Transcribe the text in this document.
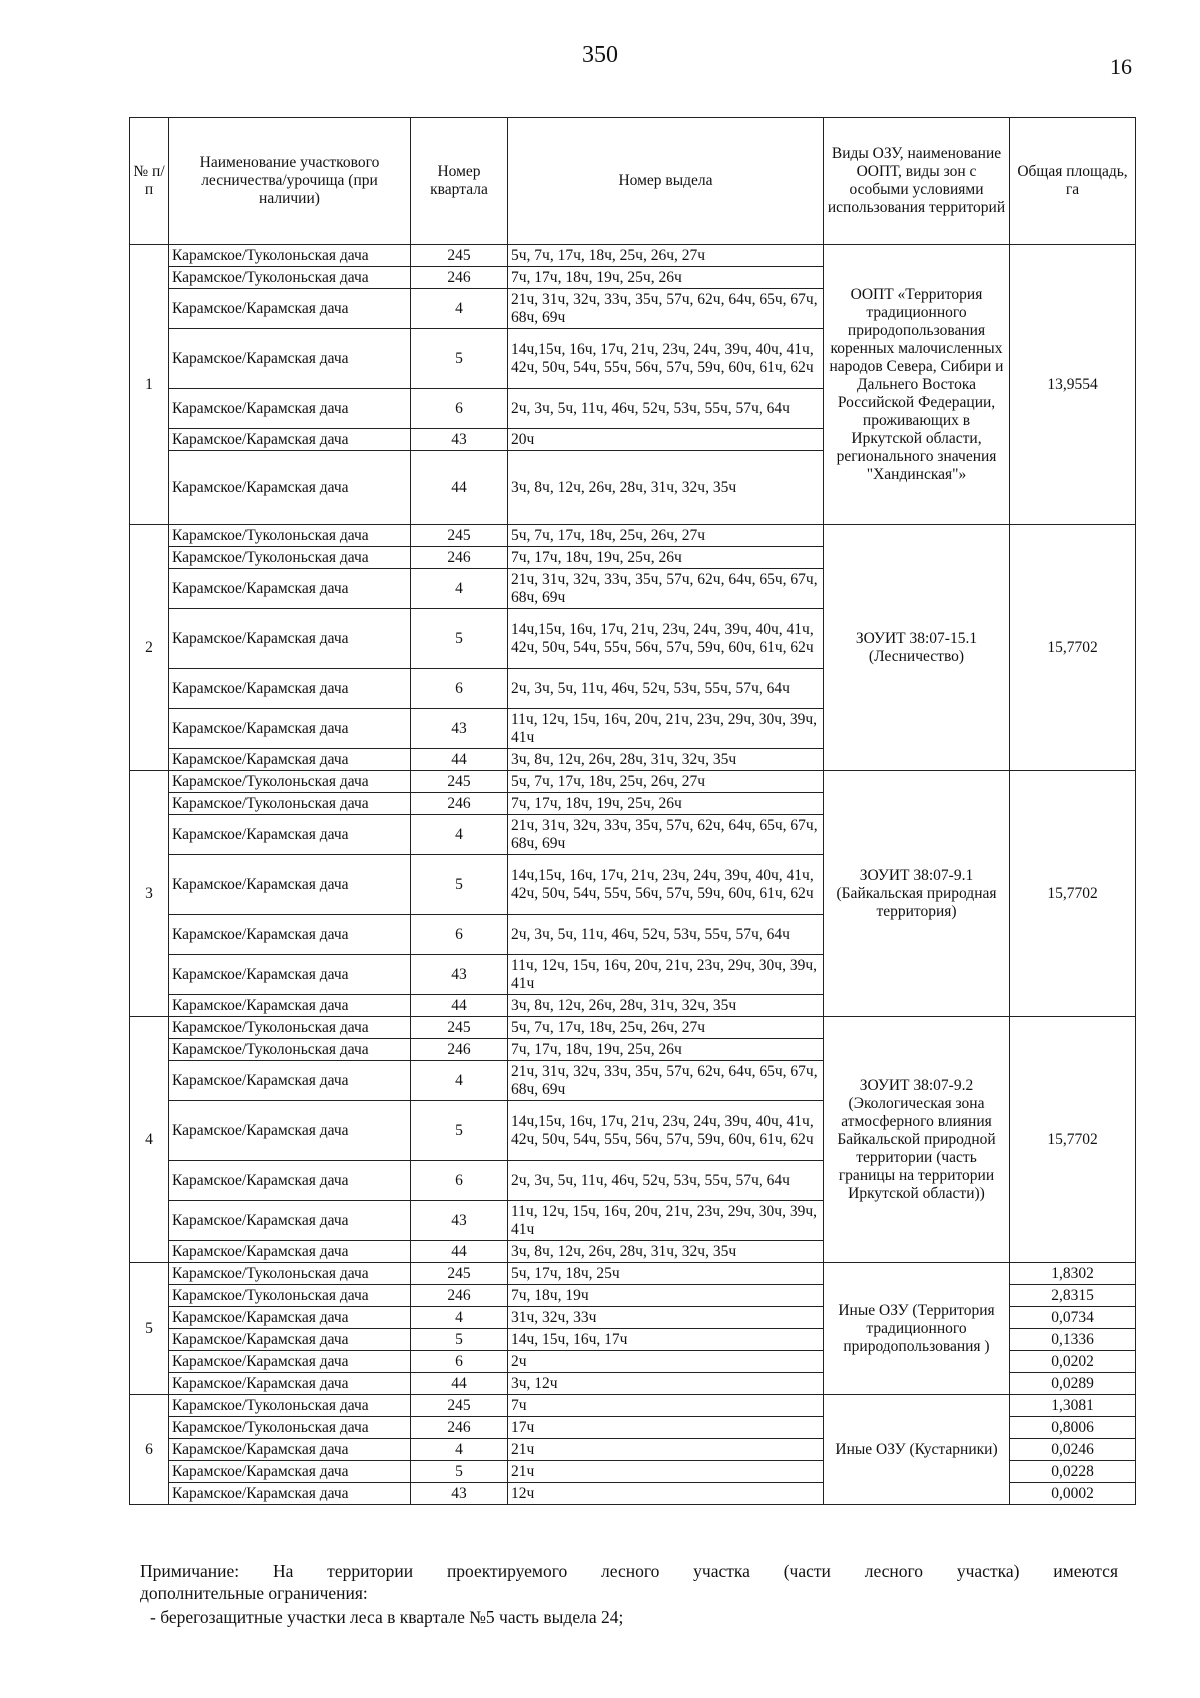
350	16
№ п/ п	Наименование участкового лесничества/урочища (при наличии)	Номер квартала	Номер выдела	Виды ОЗУ, наименование ООПТ, виды зон с особыми условиями использования территорий	Общая площадь, га
1	Карамское/Туколоньская дача	245	5ч, 7ч, 17ч, 18ч, 25ч, 26ч, 27ч	ООПТ «Территория традиционного природопользования коренных малочисленных народов Севера, Сибири и Дальнего Востока Российской Федерации, проживающих в Иркутской области, регионального значения "Хандинская"»	13,9554
	Карамское/Туколоньская дача	246	7ч, 17ч, 18ч, 19ч, 25ч, 26ч		
	Карамское/Карамская дача	4	21ч, 31ч, 32ч, 33ч, 35ч, 57ч, 62ч, 64ч, 65ч, 67ч, 68ч, 69ч		
	Карамское/Карамская дача	5	14ч,15ч, 16ч, 17ч, 21ч, 23ч, 24ч, 39ч, 40ч, 41ч, 42ч, 50ч, 54ч, 55ч, 56ч, 57ч, 59ч, 60ч, 61ч, 62ч		
	Карамское/Карамская дача	6	2ч, 3ч, 5ч, 11ч, 46ч, 52ч, 53ч, 55ч, 57ч, 64ч		
	Карамское/Карамская дача	43	20ч		
	Карамское/Карамская дача	44	3ч, 8ч, 12ч, 26ч, 28ч, 31ч, 32ч, 35ч		
2	Карамское/Туколоньская дача	245	5ч, 7ч, 17ч, 18ч, 25ч, 26ч, 27ч	ЗОУИТ 38:07-15.1 (Лесничество)	15,7702
	Карамское/Туколоньская дача	246	7ч, 17ч, 18ч, 19ч, 25ч, 26ч		
	Карамское/Карамская дача	4	21ч, 31ч, 32ч, 33ч, 35ч, 57ч, 62ч, 64ч, 65ч, 67ч, 68ч, 69ч		
	Карамское/Карамская дача	5	14ч,15ч, 16ч, 17ч, 21ч, 23ч, 24ч, 39ч, 40ч, 41ч, 42ч, 50ч, 54ч, 55ч, 56ч, 57ч, 59ч, 60ч, 61ч, 62ч		
	Карамское/Карамская дача	6	2ч, 3ч, 5ч, 11ч, 46ч, 52ч, 53ч, 55ч, 57ч, 64ч		
	Карамское/Карамская дача	43	11ч, 12ч, 15ч, 16ч, 20ч, 21ч, 23ч, 29ч, 30ч, 39ч, 41ч		
	Карамское/Карамская дача	44	3ч, 8ч, 12ч, 26ч, 28ч, 31ч, 32ч, 35ч		
3	Карамское/Туколоньская дача	245	5ч, 7ч, 17ч, 18ч, 25ч, 26ч, 27ч	ЗОУИТ 38:07-9.1 (Байкальская природная территория)	15,7702
	Карамское/Туколоньская дача	246	7ч, 17ч, 18ч, 19ч, 25ч, 26ч		
	Карамское/Карамская дача	4	21ч, 31ч, 32ч, 33ч, 35ч, 57ч, 62ч, 64ч, 65ч, 67ч, 68ч, 69ч		
	Карамское/Карамская дача	5	14ч,15ч, 16ч, 17ч, 21ч, 23ч, 24ч, 39ч, 40ч, 41ч, 42ч, 50ч, 54ч, 55ч, 56ч, 57ч, 59ч, 60ч, 61ч, 62ч		
	Карамское/Карамская дача	6	2ч, 3ч, 5ч, 11ч, 46ч, 52ч, 53ч, 55ч, 57ч, 64ч		
	Карамское/Карамская дача	43	11ч, 12ч, 15ч, 16ч, 20ч, 21ч, 23ч, 29ч, 30ч, 39ч, 41ч		
	Карамское/Карамская дача	44	3ч, 8ч, 12ч, 26ч, 28ч, 31ч, 32ч, 35ч		
4	Карамское/Туколоньская дача	245	5ч, 7ч, 17ч, 18ч, 25ч, 26ч, 27ч	ЗОУИТ 38:07-9.2 (Экологическая зона атмосферного влияния Байкальской природной территории (часть границы на территории Иркутской области))	15,7702
	Карамское/Туколоньская дача	246	7ч, 17ч, 18ч, 19ч, 25ч, 26ч		
	Карамское/Карамская дача	4	21ч, 31ч, 32ч, 33ч, 35ч, 57ч, 62ч, 64ч, 65ч, 67ч, 68ч, 69ч		
	Карамское/Карамская дача	5	14ч,15ч, 16ч, 17ч, 21ч, 23ч, 24ч, 39ч, 40ч, 41ч, 42ч, 50ч, 54ч, 55ч, 56ч, 57ч, 59ч, 60ч, 61ч, 62ч		
	Карамское/Карамская дача	6	2ч, 3ч, 5ч, 11ч, 46ч, 52ч, 53ч, 55ч, 57ч, 64ч		
	Карамское/Карамская дача	43	11ч, 12ч, 15ч, 16ч, 20ч, 21ч, 23ч, 29ч, 30ч, 39ч, 41ч		
	Карамское/Карамская дача	44	3ч, 8ч, 12ч, 26ч, 28ч, 31ч, 32ч, 35ч		
5	Карамское/Туколоньская дача	245	5ч, 17ч, 18ч, 25ч	Иные ОЗУ (Территория традиционного природопользования )	1,8302
	Карамское/Туколоньская дача	246	7ч, 18ч, 19ч		2,8315
	Карамское/Карамская дача	4	31ч, 32ч, 33ч		0,0734
	Карамское/Карамская дача	5	14ч, 15ч, 16ч, 17ч		0,1336
	Карамское/Карамская дача	6	2ч		0,0202
	Карамское/Карамская дача	44	3ч, 12ч		0,0289
6	Карамское/Туколоньская дача	245	7ч	Иные ОЗУ (Кустарники)	1,3081
	Карамское/Туколоньская дача	246	17ч		0,8006
	Карамское/Карамская дача	4	21ч		0,0246
	Карамское/Карамская дача	5	21ч		0,0228
	Карамское/Карамская дача	43	12ч		0,0002
Примичание: На территории проектируемого лесного участка (части лесного участка) имеются
дополнительные ограничения:
- берегозащитные участки леса в квартале №5 часть выдела 24;
